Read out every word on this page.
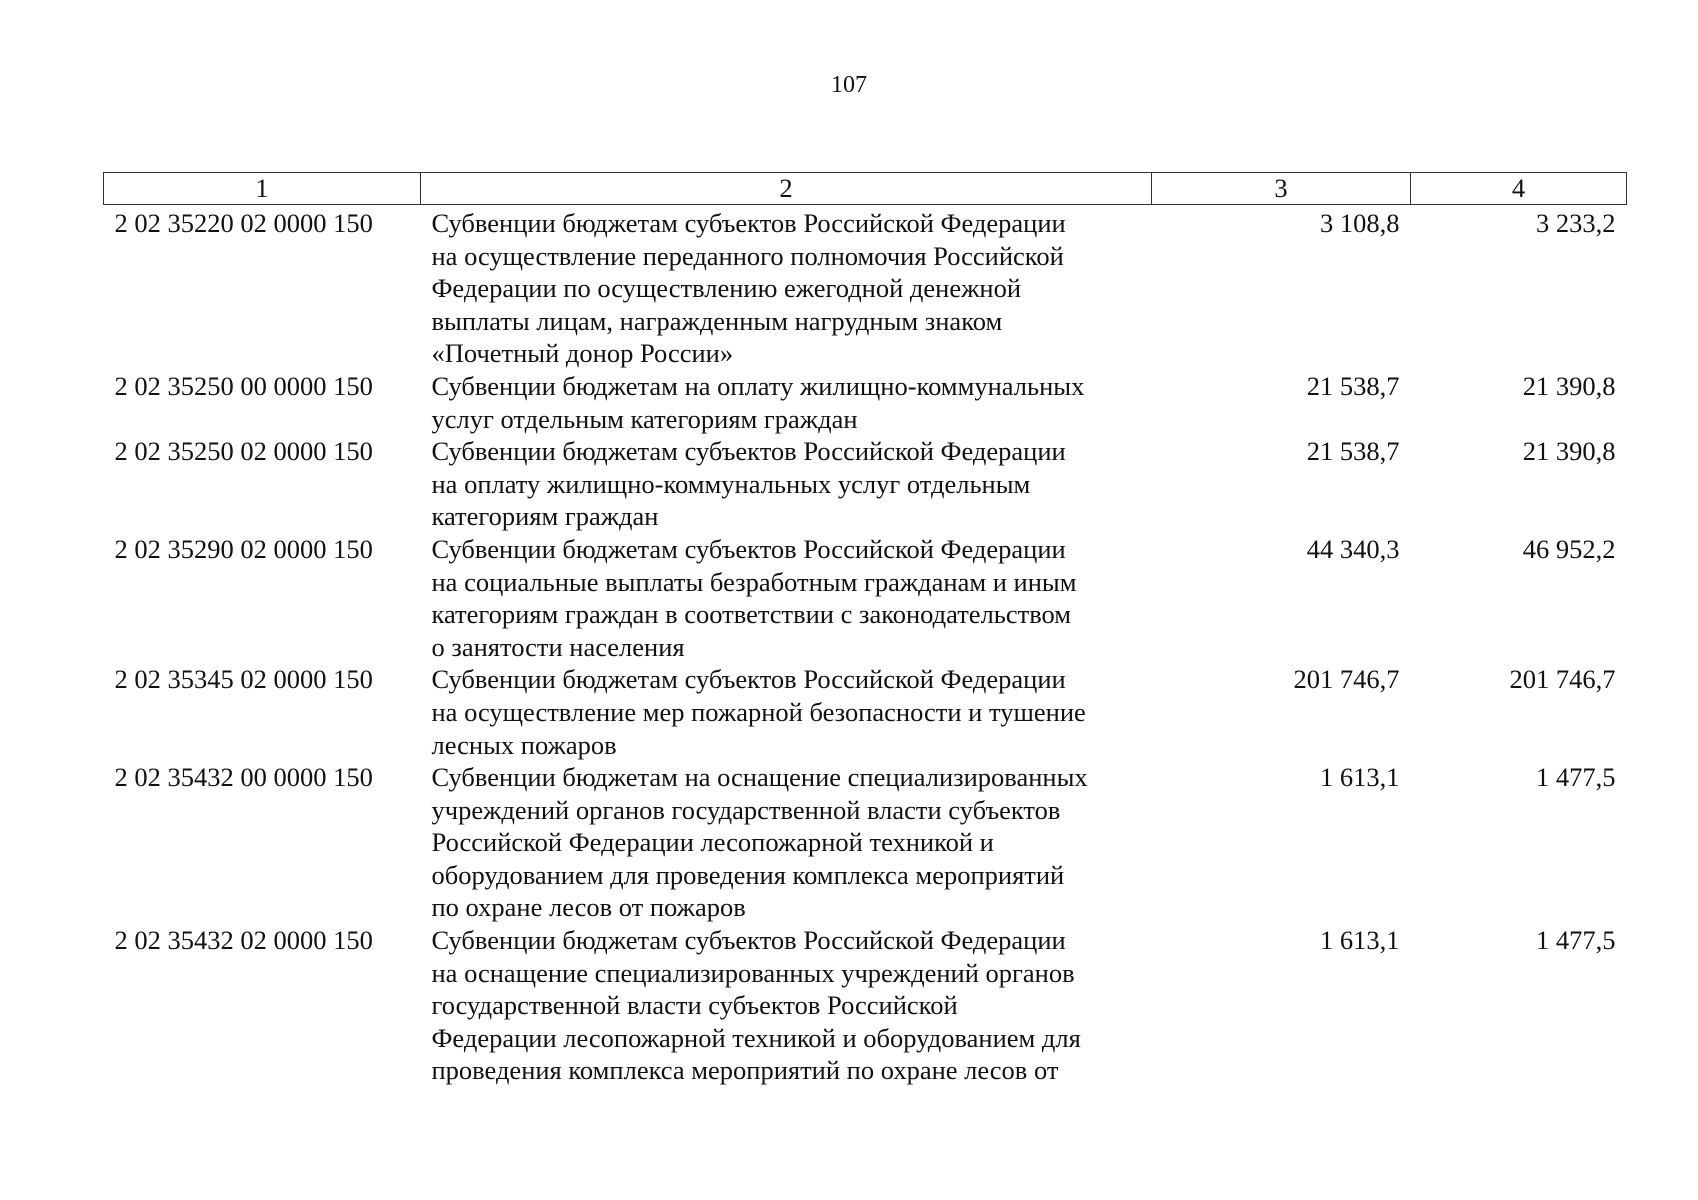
107
1	2	3	4
2 02 35220 02 0000 150	Субвенции бюджетам субъектов Российской Федерации
на осуществление переданного полномочия Российской
Федерации по осуществлению ежегодной денежной
выплаты лицам, награжденным нагрудным знаком
«Почетный донор России»	3 108,8	3 233,2
2 02 35250 00 0000 150	Субвенции бюджетам на оплату жилищно-коммунальных
услуг отдельным категориям граждан	21 538,7	21 390,8
2 02 35250 02 0000 150	Субвенции бюджетам субъектов Российской Федерации
на оплату жилищно-коммунальных услуг отдельным
категориям граждан	21 538,7	21 390,8
2 02 35290 02 0000 150	Субвенции бюджетам субъектов Российской Федерации
на социальные выплаты безработным гражданам и иным
категориям граждан в соответствии с законодательством
о занятости населения	44 340,3	46 952,2
2 02 35345 02 0000 150	Субвенции бюджетам субъектов Российской Федерации
на осуществление мер пожарной безопасности и тушение
лесных пожаров	201 746,7	201 746,7
2 02 35432 00 0000 150	Субвенции бюджетам на оснащение специализированных
учреждений органов государственной власти субъектов
Российской Федерации лесопожарной техникой и
оборудованием для проведения комплекса мероприятий
по охране лесов от пожаров	1 613,1	1 477,5
2 02 35432 02 0000 150	Субвенции бюджетам субъектов Российской Федерации
на оснащение специализированных учреждений органов
государственной власти субъектов Российской
Федерации лесопожарной техникой и оборудованием для
проведения комплекса мероприятий по охране лесов от	1 613,1	1 477,5
